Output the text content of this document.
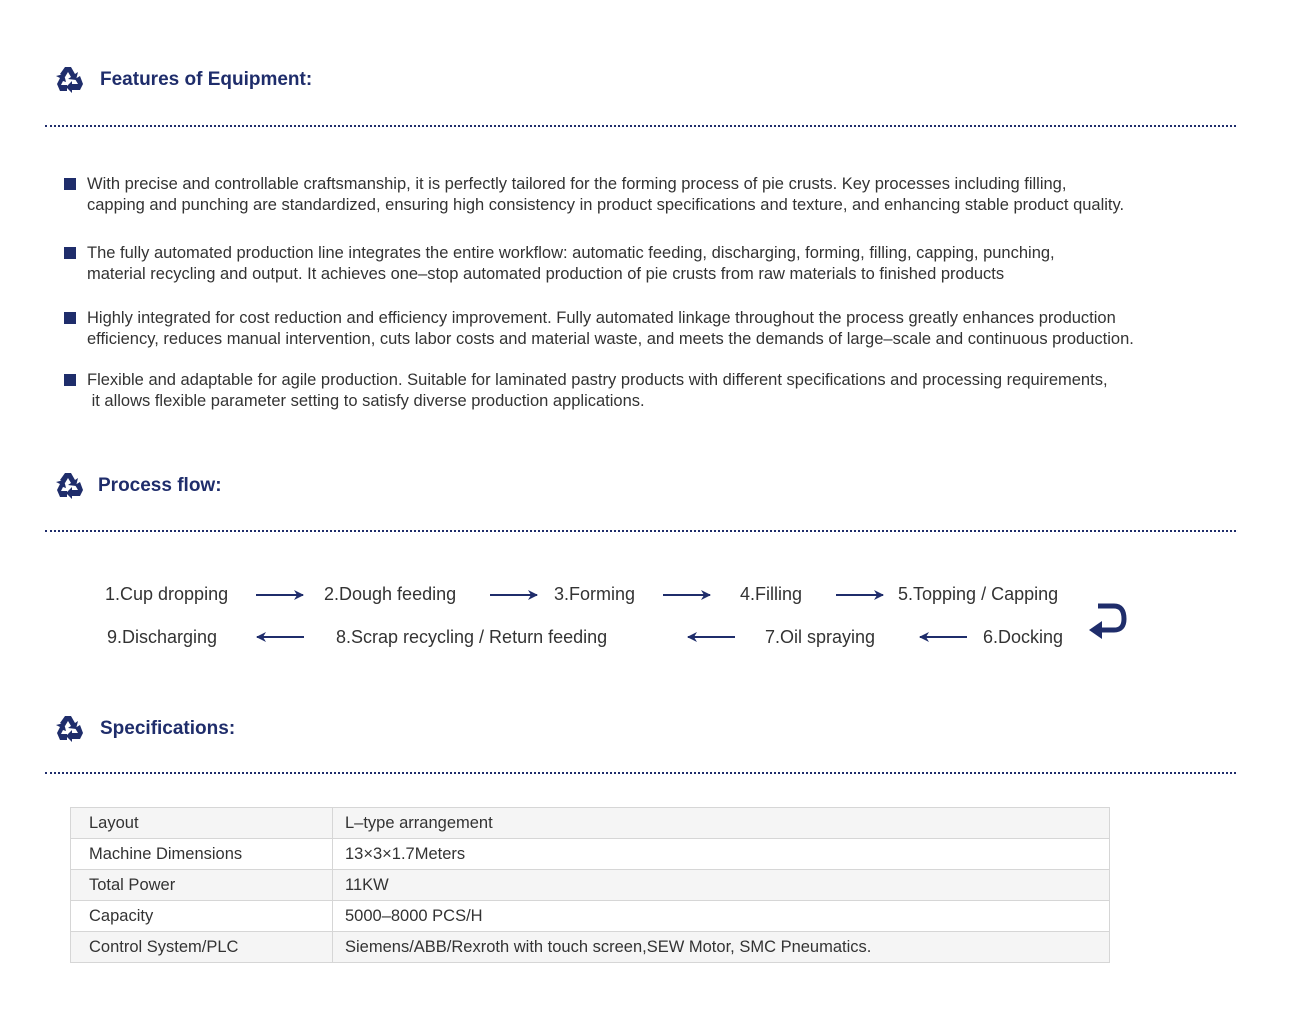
Features of Equipment:

With precise and controllable craftsmanship, it is perfectly tailored for the forming process of pie crusts. Key processes including filling,

capping and punching are standardized, ensuring high consistency in product specifications and texture, and enhancing stable product quality.

The fully automated production line integrates the entire workflow: automatic feeding, discharging, forming, filling, capping, punching,

material recycling and output. It achieves one–stop automated production of pie crusts from raw materials to finished products

Highly integrated for cost reduction and efficiency improvement. Fully automated linkage throughout the process greatly enhances production

efficiency, reduces manual intervention, cuts labor costs and material waste, and meets the demands of large–scale and continuous production.

Flexible and adaptable for agile production. Suitable for laminated pastry products with different specifications and processing requirements,

it allows flexible parameter setting to satisfy diverse production applications.

Process flow:
1.Cup dropping	2.Dough feeding	3.Forming	4.Filling	5.Topping / Capping
6.Docking
7.Oil spraying
8.Scrap recycling / Return feeding
9.Discharging
Specifications:
Layout	L–type arrangement
Machine Dimensions	13×3×1.7Meters
Total Power	11KW
Capacity	5000–8000 PCS/H
Control System/PLC	Siemens/ABB/Rexroth with touch screen,SEW Motor, SMC Pneumatics.
